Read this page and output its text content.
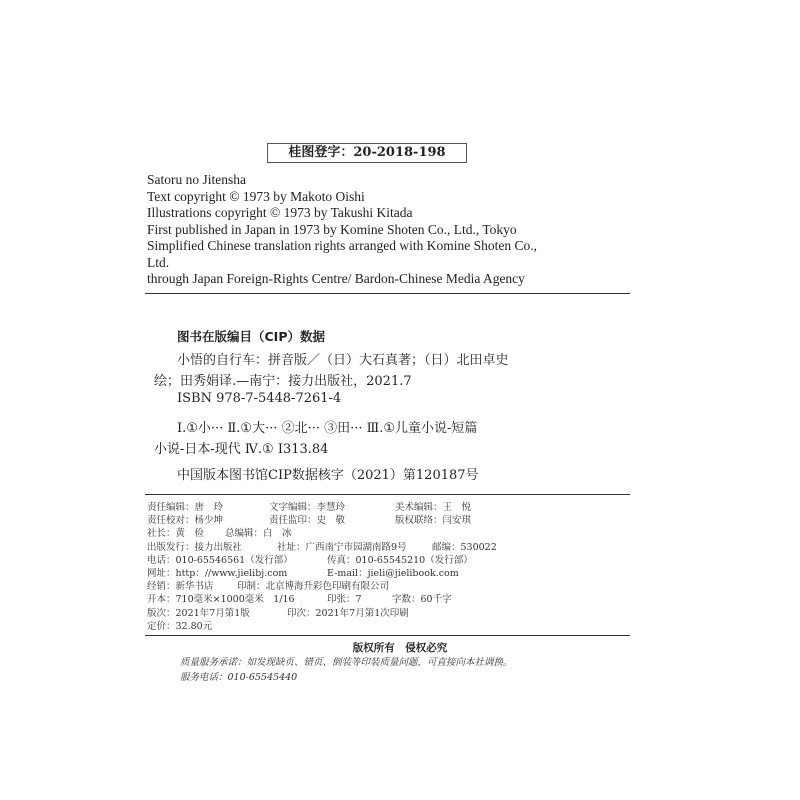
桂图登字：20-2018-198
Satoru no Jitensha
Text copyright © 1973 by Makoto Oishi
Illustrations copyright © 1973 by Takushi Kitada
First published in Japan in 1973 by Komine Shoten Co., Ltd., Tokyo
Simplified Chinese translation rights arranged with Komine Shoten Co.,
Ltd.
through Japan Foreign-Rights Centre/ Bardon-Chinese Media Agency
图书在版编目（CIP）数据
小悟的自行车：拼音版／（日）大石真著；（日）北田卓史
绘；田秀娟译.—南宁：接力出版社，2021.7
ISBN 978-7-5448-7261-4
Ⅰ.①小··· Ⅱ.①大··· ②北··· ③田··· Ⅲ.①儿童小说-短篇
小说-日本-现代 Ⅳ.① I313.84
中国版本图书馆CIP数据核字（2021）第120187号
责任编辑：唐　玲	文字编辑：李慧玲	美术编辑：王　悦
责任校对：杨少坤	责任监印：史　敬	版权联络：闫安琪
社长：黄　俭 总编辑：白　冰
出版发行：接力出版社	社址：广西南宁市园湖南路9号	邮编：530022
电话：010-65546561（发行部）	传真：010-65545210（发行部）
网址：http：//www.jielibj.com	E-mail：jieli@jielibook.com
经销：新华书店 印制：北京博海升彩色印刷有限公司
开本：710毫米×1000毫米　1/16	印张：7	字数：60千字
版次：2021年7月第1版	印次：2021年7月第1次印刷
定价：32.80元
版权所有　侵权必究
质量服务承诺：如发现缺页、错页、倒装等印装质量问题，可直接向本社调换。
服务电话：010-65545440
